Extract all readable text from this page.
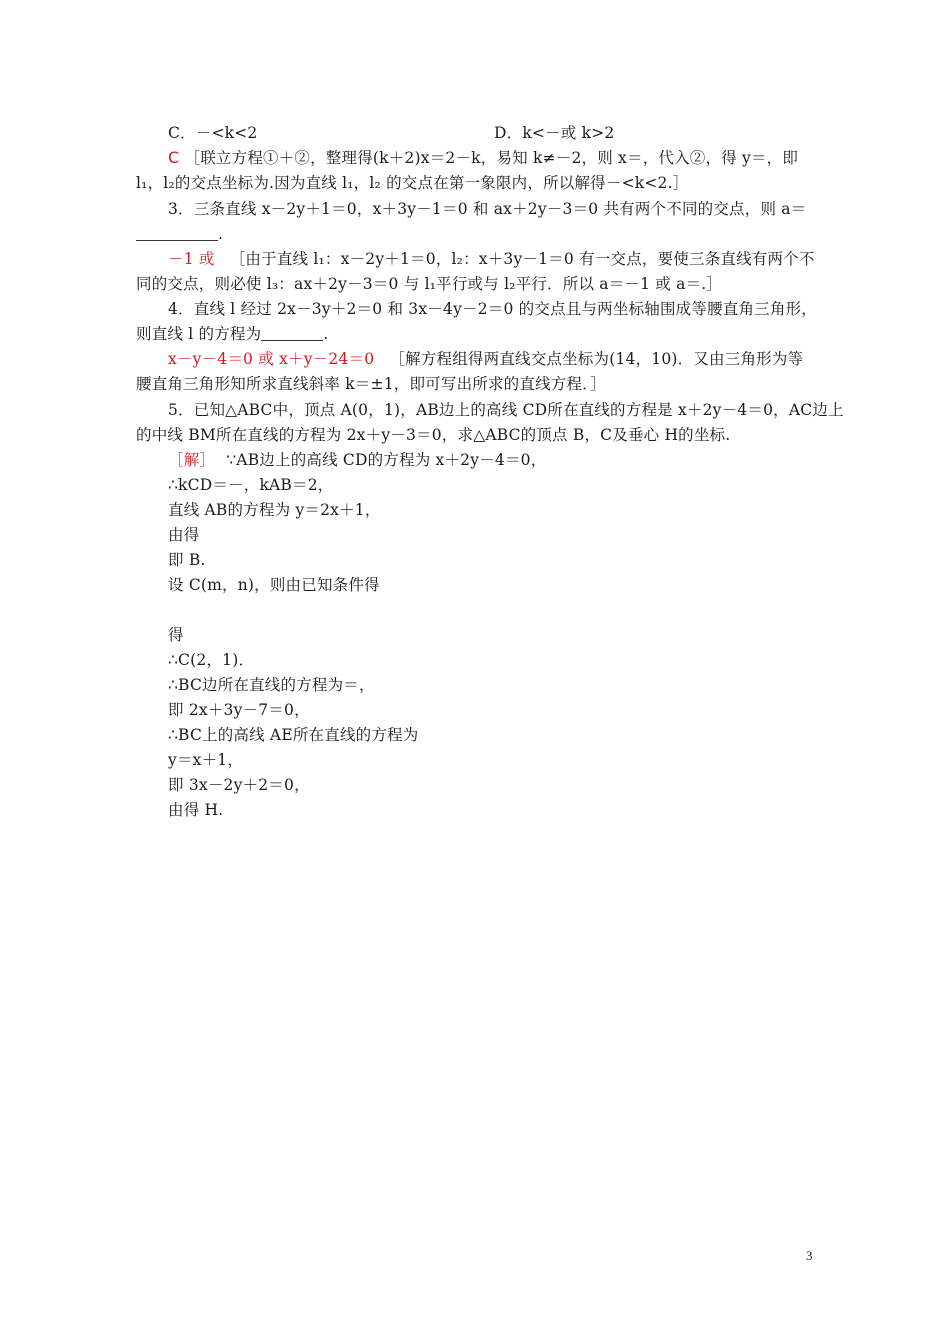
C．－<k<2	D．k<－或 k>2
C ［联立方程①＋②，整理得(k＋2)x＝2－k，易知 k≠－2，则 x＝，代入②，得 y＝，即
l₁，l₂的交点坐标为.因为直线 l₁，l₂ 的交点在第一象限内，所以解得－<k<2.］
3．三条直线 x－2y＋1＝0，x＋3y－1＝0 和 ax＋2y－3＝0 共有两个不同的交点，则 a＝
.
－1 或 ［由于直线 l₁：x－2y＋1＝0，l₂：x＋3y－1＝0 有一交点，要使三条直线有两个不
同的交点，则必使 l₃：ax＋2y－3＝0 与 l₁平行或与 l₂平行．所以 a＝－1 或 a＝.］
4．直线 l 经过 2x－3y＋2＝0 和 3x－4y－2＝0 的交点且与两坐标轴围成等腰直角三角形，
则直线 l 的方程为	.
x－y－4＝0 或 x＋y－24＝0 ［解方程组得两直线交点坐标为(14，10)．又由三角形为等
腰直角三角形知所求直线斜率 k＝±1，即可写出所求的直线方程．］
5．已知△ABC中，顶点 A(0，1)，AB边上的高线 CD所在直线的方程是 x＋2y－4＝0，AC边上
的中线 BM所在直线的方程为 2x＋y－3＝0，求△ABC的顶点 B，C及垂心 H的坐标.
［解］ ∵AB边上的高线 CD的方程为 x＋2y－4＝0，
∴kCD＝－，kAB＝2，
直线 AB的方程为 y＝2x＋1，
由得
即 B.
设 C(m，n)，则由已知条件得
得
∴C(2，1)．
∴BC边所在直线的方程为＝，
即 2x＋3y－7＝0，
∴BC上的高线 AE所在直线的方程为
y＝x＋1，
即 3x－2y＋2＝0，
由得 H.
3
